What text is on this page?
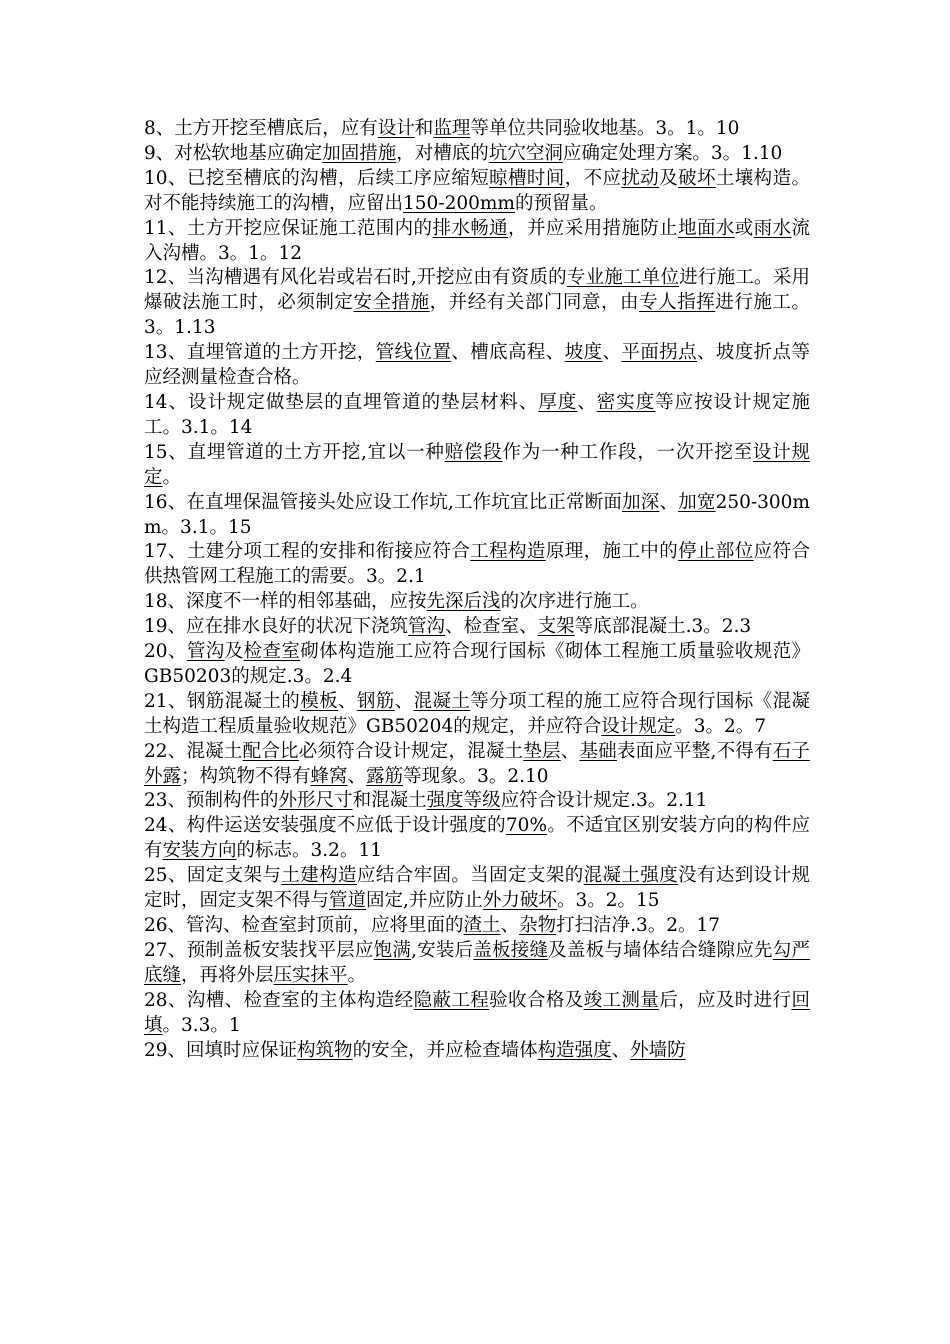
8、土方开挖至槽底后，应有设计和监理等单位共同验收地基。3。1。10

9、对松软地基应确定加固措施，对槽底的坑穴空洞应确定处理方案。3。1.10

10、已挖至槽底的沟槽，后续工序应缩短晾槽时间，不应扰动及破坏土壤构造。对不能持续施工的沟槽，应留出150-200mm的预留量。

11、土方开挖应保证施工范围内的排水畅通，并应采用措施防止地面水或雨水流入沟槽。3。1。12

12、当沟槽遇有风化岩或岩石时,开挖应由有资质的专业施工单位进行施工。采用爆破法施工时，必须制定安全措施，并经有关部门同意，由专人指挥进行施工。3。1.13

13、直埋管道的土方开挖，管线位置、槽底高程、坡度、平面拐点、坡度折点等应经测量检查合格。

14、设计规定做垫层的直埋管道的垫层材料、厚度、密实度等应按设计规定施工。3.1。14

15、直埋管道的土方开挖,宜以一种赔偿段作为一种工作段，一次开挖至设计规定。

16、在直埋保温管接头处应设工作坑,工作坑宜比正常断面加深、加宽250-300mm。3.1。15

17、土建分项工程的安排和衔接应符合工程构造原理，施工中的停止部位应符合供热管网工程施工的需要。3。2.1

18、深度不一样的相邻基础，应按先深后浅的次序进行施工。

19、应在排水良好的状况下浇筑管沟、检查室、支架等底部混凝土.3。2.3

20、管沟及检查室砌体构造施工应符合现行国标《砌体工程施工质量验收规范》GB50203的规定.3。2.4

21、钢筋混凝土的模板、钢筋、混凝土等分项工程的施工应符合现行国标《混凝土构造工程质量验收规范》GB50204的规定，并应符合设计规定。3。2。7

22、混凝土配合比必须符合设计规定，混凝土垫层、基础表面应平整,不得有石子外露；构筑物不得有蜂窝、露筋等现象。3。2.10

23、预制构件的外形尺寸和混凝土强度等级应符合设计规定.3。2.11

24、构件运送安装强度不应低于设计强度的70%。不适宜区别安装方向的构件应有安装方向的标志。3.2。11

25、固定支架与土建构造应结合牢固。当固定支架的混凝土强度没有达到设计规定时，固定支架不得与管道固定,并应防止外力破坏。3。2。15

26、管沟、检查室封顶前，应将里面的渣土、杂物打扫洁净.3。2。17

27、预制盖板安装找平层应饱满,安装后盖板接缝及盖板与墙体结合缝隙应先勾严底缝，再将外层压实抹平。

28、沟槽、检查室的主体构造经隐蔽工程验收合格及竣工测量后，应及时进行回填。3.3。1

29、回填时应保证构筑物的安全，并应检查墙体构造强度、外墙防
